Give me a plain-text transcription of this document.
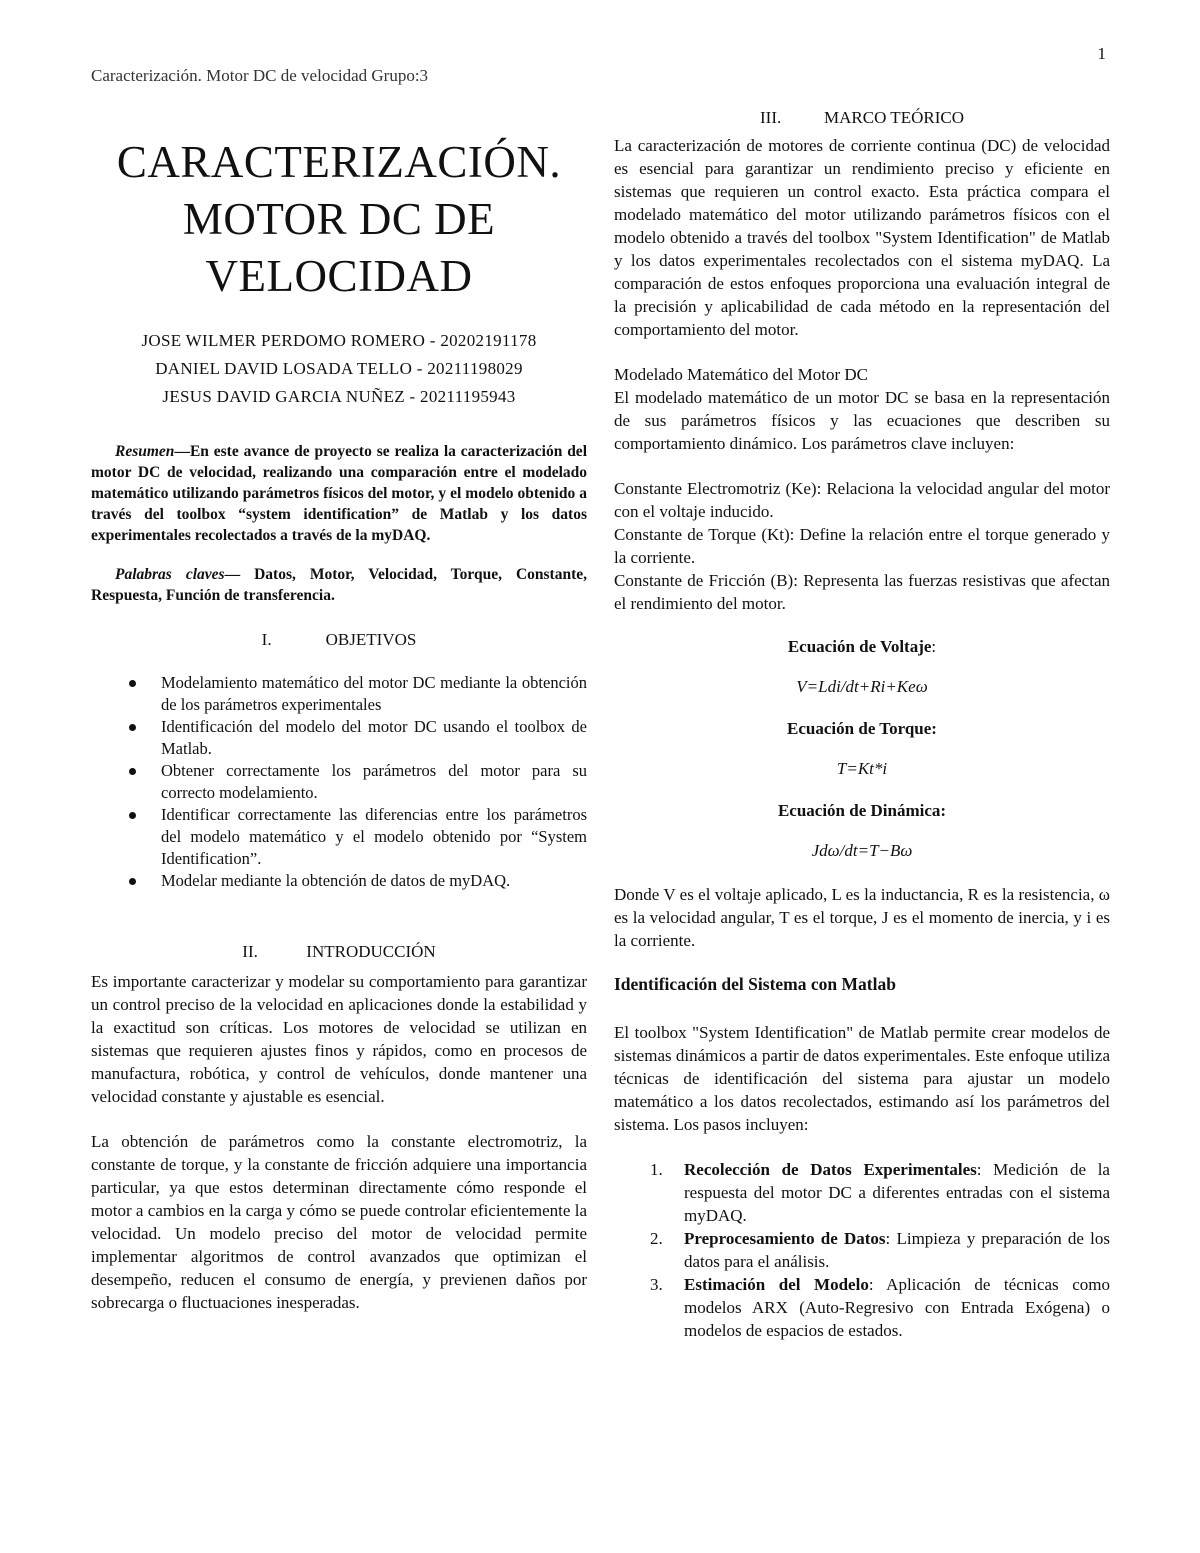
1
Caracterización. Motor DC de velocidad Grupo:3
CARACTERIZACIÓN.
MOTOR DC DE
VELOCIDAD
JOSE WILMER PERDOMO ROMERO - 20202191178
DANIEL DAVID LOSADA TELLO - 20211198029
JESUS DAVID GARCIA NUÑEZ - 20211195943

Resumen—En este avance de proyecto se realiza la caracterización del motor DC de velocidad, realizando una comparación entre el modelado matemático utilizando parámetros físicos del motor, y el modelo obtenido a través del toolbox “system identification” de Matlab y los datos experimentales recolectados a través de la myDAQ.

Palabras claves— Datos, Motor, Velocidad, Torque, Constante, Respuesta, Función de transferencia.

I.	OBJETIVOS
Modelamiento matemático del motor DC mediante la obtención de los parámetros experimentales
Identificación del modelo del motor DC usando el toolbox de Matlab.
Obtener correctamente los parámetros del motor para su correcto modelamiento.
Identificar correctamente las diferencias entre los parámetros del modelo matemático y el modelo obtenido por “System Identification”.
Modelar mediante la obtención de datos de myDAQ.
II.	INTRODUCCIÓN

Es importante caracterizar y modelar su comportamiento para garantizar un control preciso de la velocidad en aplicaciones donde la estabilidad y la exactitud son críticas. Los motores de velocidad se utilizan en sistemas que requieren ajustes finos y rápidos, como en procesos de manufactura, robótica, y control de vehículos, donde mantener una velocidad constante y ajustable es esencial.

La obtención de parámetros como la constante electromotriz, la constante de torque, y la constante de fricción adquiere una importancia particular, ya que estos determinan directamente cómo responde el motor a cambios en la carga y cómo se puede controlar eficientemente la velocidad. Un modelo preciso del motor de velocidad permite implementar algoritmos de control avanzados que optimizan el desempeño, reducen el consumo de energía, y previenen daños por sobrecarga o fluctuaciones inesperadas.

III.	MARCO TEÓRICO

La caracterización de motores de corriente continua (DC) de velocidad es esencial para garantizar un rendimiento preciso y eficiente en sistemas que requieren un control exacto. Esta práctica compara el modelado matemático del motor utilizando parámetros físicos con el modelo obtenido a través del toolbox "System Identification" de Matlab y los datos experimentales recolectados con el sistema myDAQ. La comparación de estos enfoques proporciona una evaluación integral de la precisión y aplicabilidad de cada método en la representación del comportamiento del motor.

Modelado Matemático del Motor DC

El modelado matemático de un motor DC se basa en la representación de sus parámetros físicos y las ecuaciones que describen su comportamiento dinámico. Los parámetros clave incluyen:

Constante Electromotriz (Ke): Relaciona la velocidad angular del motor con el voltaje inducido.

Constante de Torque (Kt): Define la relación entre el torque generado y la corriente.

Constante de Fricción (B): Representa las fuerzas resistivas que afectan el rendimiento del motor.

Ecuación de Voltaje:
V=Ldi/dt+Ri+Keω
Ecuación de Torque:
T=Kt*i
Ecuación de Dinámica:
Jdω/dt=T−Bω

Donde V es el voltaje aplicado, L es la inductancia, R es la resistencia, ω es la velocidad angular, T es el torque, J es el momento de inercia, y i es la corriente.

Identificación del Sistema con Matlab

El toolbox "System Identification" de Matlab permite crear modelos de sistemas dinámicos a partir de datos experimentales. Este enfoque utiliza técnicas de identificación del sistema para ajustar un modelo matemático a los datos recolectados, estimando así los parámetros del sistema. Los pasos incluyen:

1. Recolección de Datos Experimentales: Medición de la respuesta del motor DC a diferentes entradas con el sistema myDAQ.
2. Preprocesamiento de Datos: Limpieza y preparación de los datos para el análisis.
3. Estimación del Modelo: Aplicación de técnicas como modelos ARX (Auto-Regresivo con Entrada Exógena) o modelos de espacios de estados.
